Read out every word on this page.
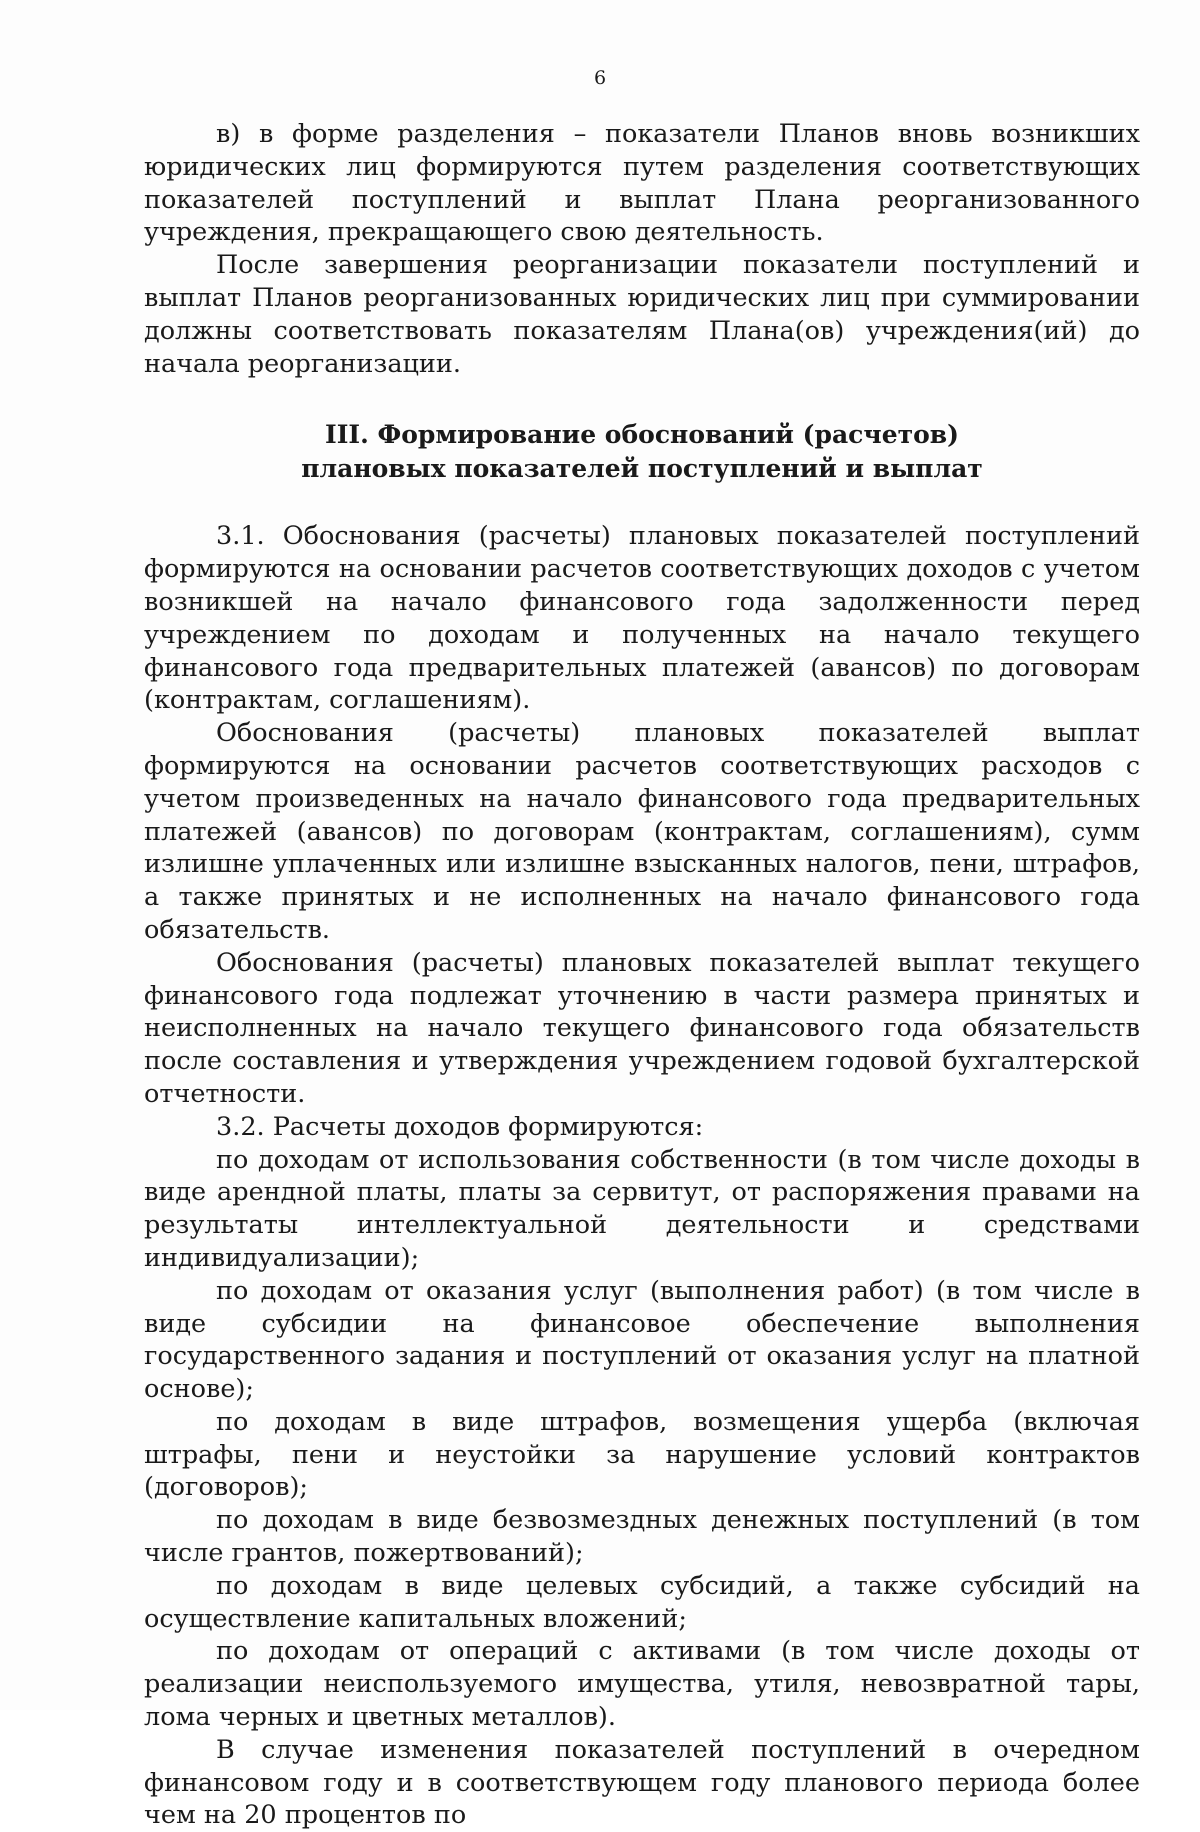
6

в) в форме разделения – показатели Планов вновь возникших юридических лиц формируются путем разделения соответствующих показателей поступлений и выплат Плана реорганизованного учреждения, прекращающего свою деятельность.

После завершения реорганизации показатели поступлений и выплат Планов реорганизованных юридических лиц при суммировании должны соответствовать показателям Плана(ов) учреждения(ий) до начала реорганизации.

III. Формирование обоснований (расчетов)
плановых показателей поступлений и выплат

3.1. Обоснования (расчеты) плановых показателей поступлений формируются на основании расчетов соответствующих доходов с учетом возникшей на начало финансового года задолженности перед учреждением по доходам и полученных на начало текущего финансового года предварительных платежей (авансов) по договорам (контрактам, соглашениям).

Обоснования (расчеты) плановых показателей выплат формируются на основании расчетов соответствующих расходов с учетом произведенных на начало финансового года предварительных платежей (авансов) по договорам (контрактам, соглашениям), сумм излишне уплаченных или излишне взысканных налогов, пени, штрафов, а также принятых и не исполненных на начало финансового года обязательств.

Обоснования (расчеты) плановых показателей выплат текущего финансового года подлежат уточнению в части размера принятых и неисполненных на начало текущего финансового года обязательств после составления и утверждения учреждением годовой бухгалтерской отчетности.

3.2. Расчеты доходов формируются:

по доходам от использования собственности (в том числе доходы в виде арендной платы, платы за сервитут, от распоряжения правами на результаты интеллектуальной деятельности и средствами индивидуализации);

по доходам от оказания услуг (выполнения работ) (в том числе в виде субсидии на финансовое обеспечение выполнения государственного задания и поступлений от оказания услуг на платной основе);

по доходам в виде штрафов, возмещения ущерба (включая штрафы, пени и неустойки за нарушение условий контрактов (договоров);

по доходам в виде безвозмездных денежных поступлений (в том числе грантов, пожертвований);

по доходам в виде целевых субсидий, а также субсидий на осуществление капитальных вложений;

по доходам от операций с активами (в том числе доходы от реализации неиспользуемого имущества, утиля, невозвратной тары, лома черных и цветных металлов).

В случае изменения показателей поступлений в очередном финансовом году и в соответствующем году планового периода более чем на 20 процентов по
